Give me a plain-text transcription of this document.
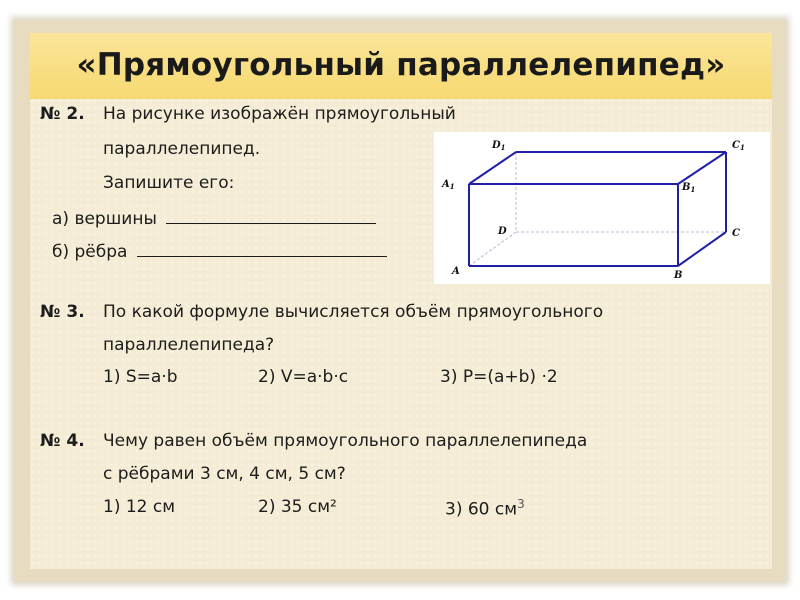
«Прямоугольный параллелепипед»
№ 2. На рисунке изображён прямоугольный
параллелепипед.
Запишите его:
а) вершины
б) рёбра
$D_1$	$C_1$
$A_1$	$B_1$
D	C
A	B
№ 3. По какой формуле вычисляется объём прямоугольного
параллелепипеда?
1) S=a·b	2) V=a·b·c	3) P=(a+b) ·2
№ 4. Чему равен объём прямоугольного параллелепипеда
с рёбрами 3 см, 4 см, 5 см?
1) 12 см	2) 35 см²	3) 60 $см^3$
